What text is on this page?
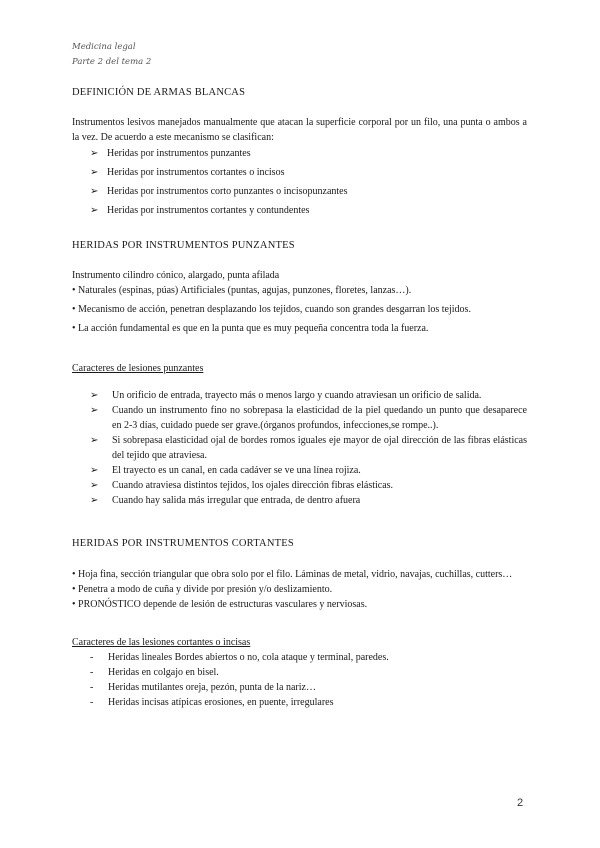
Medicina legal
Parte 2 del tema 2
DEFINICIÓN DE ARMAS BLANCAS
Instrumentos lesivos manejados manualmente que atacan la superficie corporal por un filo, una punta o ambos a la vez. De acuerdo a este mecanismo se clasifican:
➢ Heridas por instrumentos punzantes
➢ Heridas por instrumentos cortantes o incisos
➢ Heridas por instrumentos corto punzantes o incisopunzantes
➢ Heridas por instrumentos cortantes y contundentes
HERIDAS POR INSTRUMENTOS PUNZANTES
Instrumento cilindro cónico, alargado, punta afilada
• Naturales (espinas, púas) Artificiales (puntas, agujas, punzones, floretes, lanzas…).
• Mecanismo de acción, penetran desplazando los tejidos, cuando son grandes desgarran los tejidos.
• La acción fundamental es que en la punta que es muy pequeña concentra toda la fuerza.
Caracteres de lesiones punzantes
➢ Un orificio de entrada, trayecto más o menos largo y cuando atraviesan un orificio de salida.
➢ Cuando un instrumento fino no sobrepasa la elasticidad de la piel quedando un punto que desaparece en 2-3 días, cuidado puede ser grave.(órganos profundos, infecciones,se rompe..).
➢ Si sobrepasa elasticidad ojal de bordes romos iguales eje mayor de ojal dirección de las fibras elásticas del tejido que atraviesa.
➢ El trayecto es un canal, en cada cadáver se ve una línea rojiza.
➢ Cuando atraviesa distintos tejidos, los ojales dirección fibras elásticas.
➢ Cuando hay salida más irregular que entrada, de dentro afuera
HERIDAS POR INSTRUMENTOS CORTANTES
• Hoja fina, sección triangular que obra solo por el filo. Láminas de metal, vidrio, navajas, cuchillas, cutters…
• Penetra a modo de cuña y divide por presión y/o deslizamiento.
• PRONÓSTICO depende de lesión de estructuras vasculares y nerviosas.
Caracteres de las lesiones cortantes o incisas
- Heridas lineales Bordes abiertos o no, cola ataque y terminal, paredes.
- Heridas en colgajo en bisel.
- Heridas mutilantes oreja, pezón, punta de la nariz…
- Heridas incisas atípicas erosiones, en puente, irregulares
2
